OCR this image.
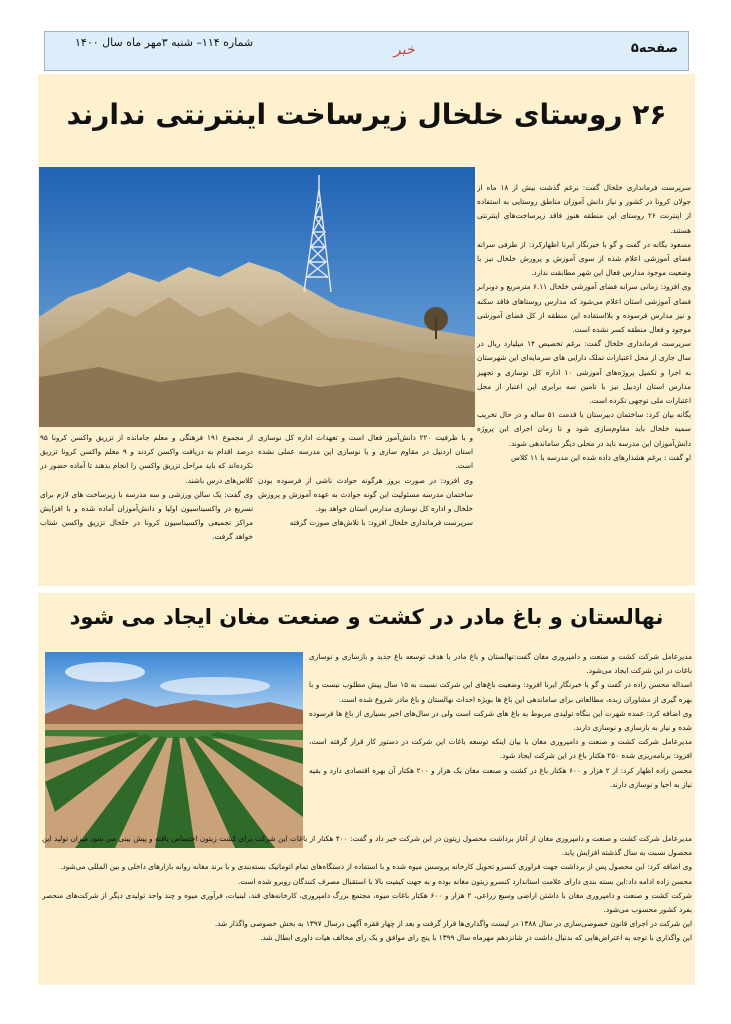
شماره ۱۱۴– شنبه ۳مهر ماه سال ۱۴۰۰	خبر	صفحه۵
۲۶ روستای خلخال زیرساخت اینترنتی ندارند

سرپرست فرمانداری خلخال گفت: برغم گذشت بیش از ۱۸ ماه از جولان کرونا در کشور و نیاز دانش آموزان مناطق روستایی به استفاده از اینترنت ۲۶ روستای این منطقه هنوز فاقد زیرساخت‌های اینترنتی هستند.

مسعود یگانه در گفت و گو با خبرنگار ایرنا اظهارکرد: از طرفی سرانه فضای آموزشی اعلام شده از سوی آموزش و پرورش خلخال نیز با وضعیت موجود مدارس فعال این شهر مطابقت ندارد.

وی افزود: زمانی سرانه فضای آموزشی خلخال ۶.۱۱ مترمربع و دوبرابر فضای آموزشی استان اعلام می‌شود که مدارس روستاهای فاقد سکنه و نیز مدارس فرسوده و بلااستفاده این منطقه از کل فضای آموزشی موجود و فعال منطقه کسر نشده است.

سرپرست فرمانداری خلخال گفت: برغم تخصیص ۱۴ میلیارد ریال در سال جاری از محل اعتبارات تملک دارایی های سرمایه‌ای این شهرستان به اجرا و تکمیل پروژه‌های آموزشی ۱۰ اداره کل نوسازی و تجهیز مدارس استان اردبیل نیز با تامین سه برابری این اعتبار از محل اعتبارات ملی توجهی نکرده است.

یگانه بیان کرد: ساختمان دبیرستان با قدمت ۵۱ ساله و در حال تخریب سمیه خلخال باید مقاوم‌سازی شود و تا زمان اجرای این پروژه دانش‌آموزان این مدرسه باید در محلی دیگر ساماندهی شوند.

او گفت : برغم هشدارهای داده شده این مدرسه با ۱۱ کلاس

و با ظرفیت ۲۲۰ دانش‌آموز فعال است و تعهدات اداره کل نوسازی استان اردبیل در مقاوم سازی و یا نوسازی این مدرسه عملی نشده است.

وی افزود: در صورت بروز هرگونه حوادث ناشی از فرسوده بودن ساختمان مدرسه مسئولیت این گونه حوادث به عهده آموزش و پرورش خلخال و اداره کل نوسازی مدارس استان خواهد بود.

سرپرست فرمانداری خلخال افزود: با تلاش‌های صورت گرفته

از مجموع ۱۹۱ فرهنگی و معلم جامانده از تزریق واکسن کرونا ۹۵ درصد اقدام به دریافت واکسن کردند و ۹ معلم واکسن کرونا تزریق نکرده‌اند که باید مراحل تزریق واکسن را انجام بدهند تا آماده حضور در کلاس‌های درس باشند.

وی گفت: یک سالن ورزشی و سه مدرسه با زیرساخت های لازم برای تسریع در واکسیناسیون اولیا و دانش‌آموزان آماده شده و با افزایش مراکز تجمیعی واکسیناسیون کرونا در خلخال تزریق واکسن شتاب خواهد گرفت.

نهالستان و باغ مادر در کشت و صنعت مغان ایجاد می شود

مدیرعامل شرکت کشت و صنعت و دامپروری مغان گفت:نهالستان و باغ مادر با هدف توسعه باغ جدید و بازسازی و نوسازی باغات در این شرکت ایجاد می‌شود.

اسداله محسن زاده در گفت و گو با خبرنگار ایرنا افزود: وضعیت باغ‌های این شرکت نسبت به ۱۵ سال پیش مطلوب نیست و با بهره گیری از مشاوران زبده، مطالعاتی برای ساماندهی این باغ ها بویژه احداث نهالستان و باغ مادر شروع شده است.

وی اضافه کرد: عمده شهرت این بنگاه تولیدی مربوط به باغ های شرکت است ولی در سال‌های اخیر بسیاری از باغ ها فرسوده شده و نیاز به بازسازی و نوسازی دارند.

مدیرعامل شرکت کشت و صنعت و دامپروری مغان با بیان اینکه توسعه باغات این شرکت در دستور کار قرار گرفته است، افزود: برنامه‌ریزی شده ۲۵۰ هکتار باغ در این شرکت ایجاد شود.

محسن زاده اظهار کرد: از ۲ هزار و ۶۰۰ هکتار باغ در کشت و صنعت مغان یک هزار و ۲۰۰ هکتار آن بهره اقتصادی دارد و بقیه نیاز به احیا و نوسازی دارند.

مدیرعامل شرکت کشت و صنعت و دامپروری مغان از آغاز برداشت محصول زیتون در این شرکت خبر داد و گفت: ۴۰۰ هکتار از باغات این شرکت برای کشت زیتون اختصاص یافته و پیش بینی می شود میزان تولید این محصول نسبت به سال گذشته افزایش یابد.

وی اضافه کرد: این محصول پس از برداشت جهت فراوری کنسرو تحویل کارخانه پروسس میوه شده و با استفاده از دستگاه‌های تمام اتوماتیک بسته‌بندی و با برند مغانه روانه بازارهای داخلی و بین المللی می‌شود.

محسن زاده ادامه داد:این بسته بندی دارای علامت استاندارد کنسرو زیتون مغانه بوده و به جهت کیفیت بالا با استقبال مصرف کنندگان روبرو شده است.

شرکت کشت و صنعت و دامپروری مغان با داشتن اراضی وسیع زراعی، ۲ هزار و ۶۰۰ هکتار باغات میوه، مجتمع بزرگ دامپروری، کارخانه‌های قند، لبنیات، فرآوری میوه و چند واحد تولیدی دیگر از شرکت‌های منحصر بفرد کشور محسوب می‌شود.

این شرکت در اجرای قانون خصوصی‌سازی در سال ۱۳۸۸ در لیست واگذاری‌ها قرار گرفت و بعد از چهار فقره آگهی درسال ۱۳۹۷ به بخش خصوصی واگذار شد.

این واگذاری با توجه به اعتراض‌هایی که بدنبال داشت در شانزدهم مهرماه سال ۱۳۹۹ با پنج رای موافق و یک رای مخالف هیات داوری ابطال شد.
